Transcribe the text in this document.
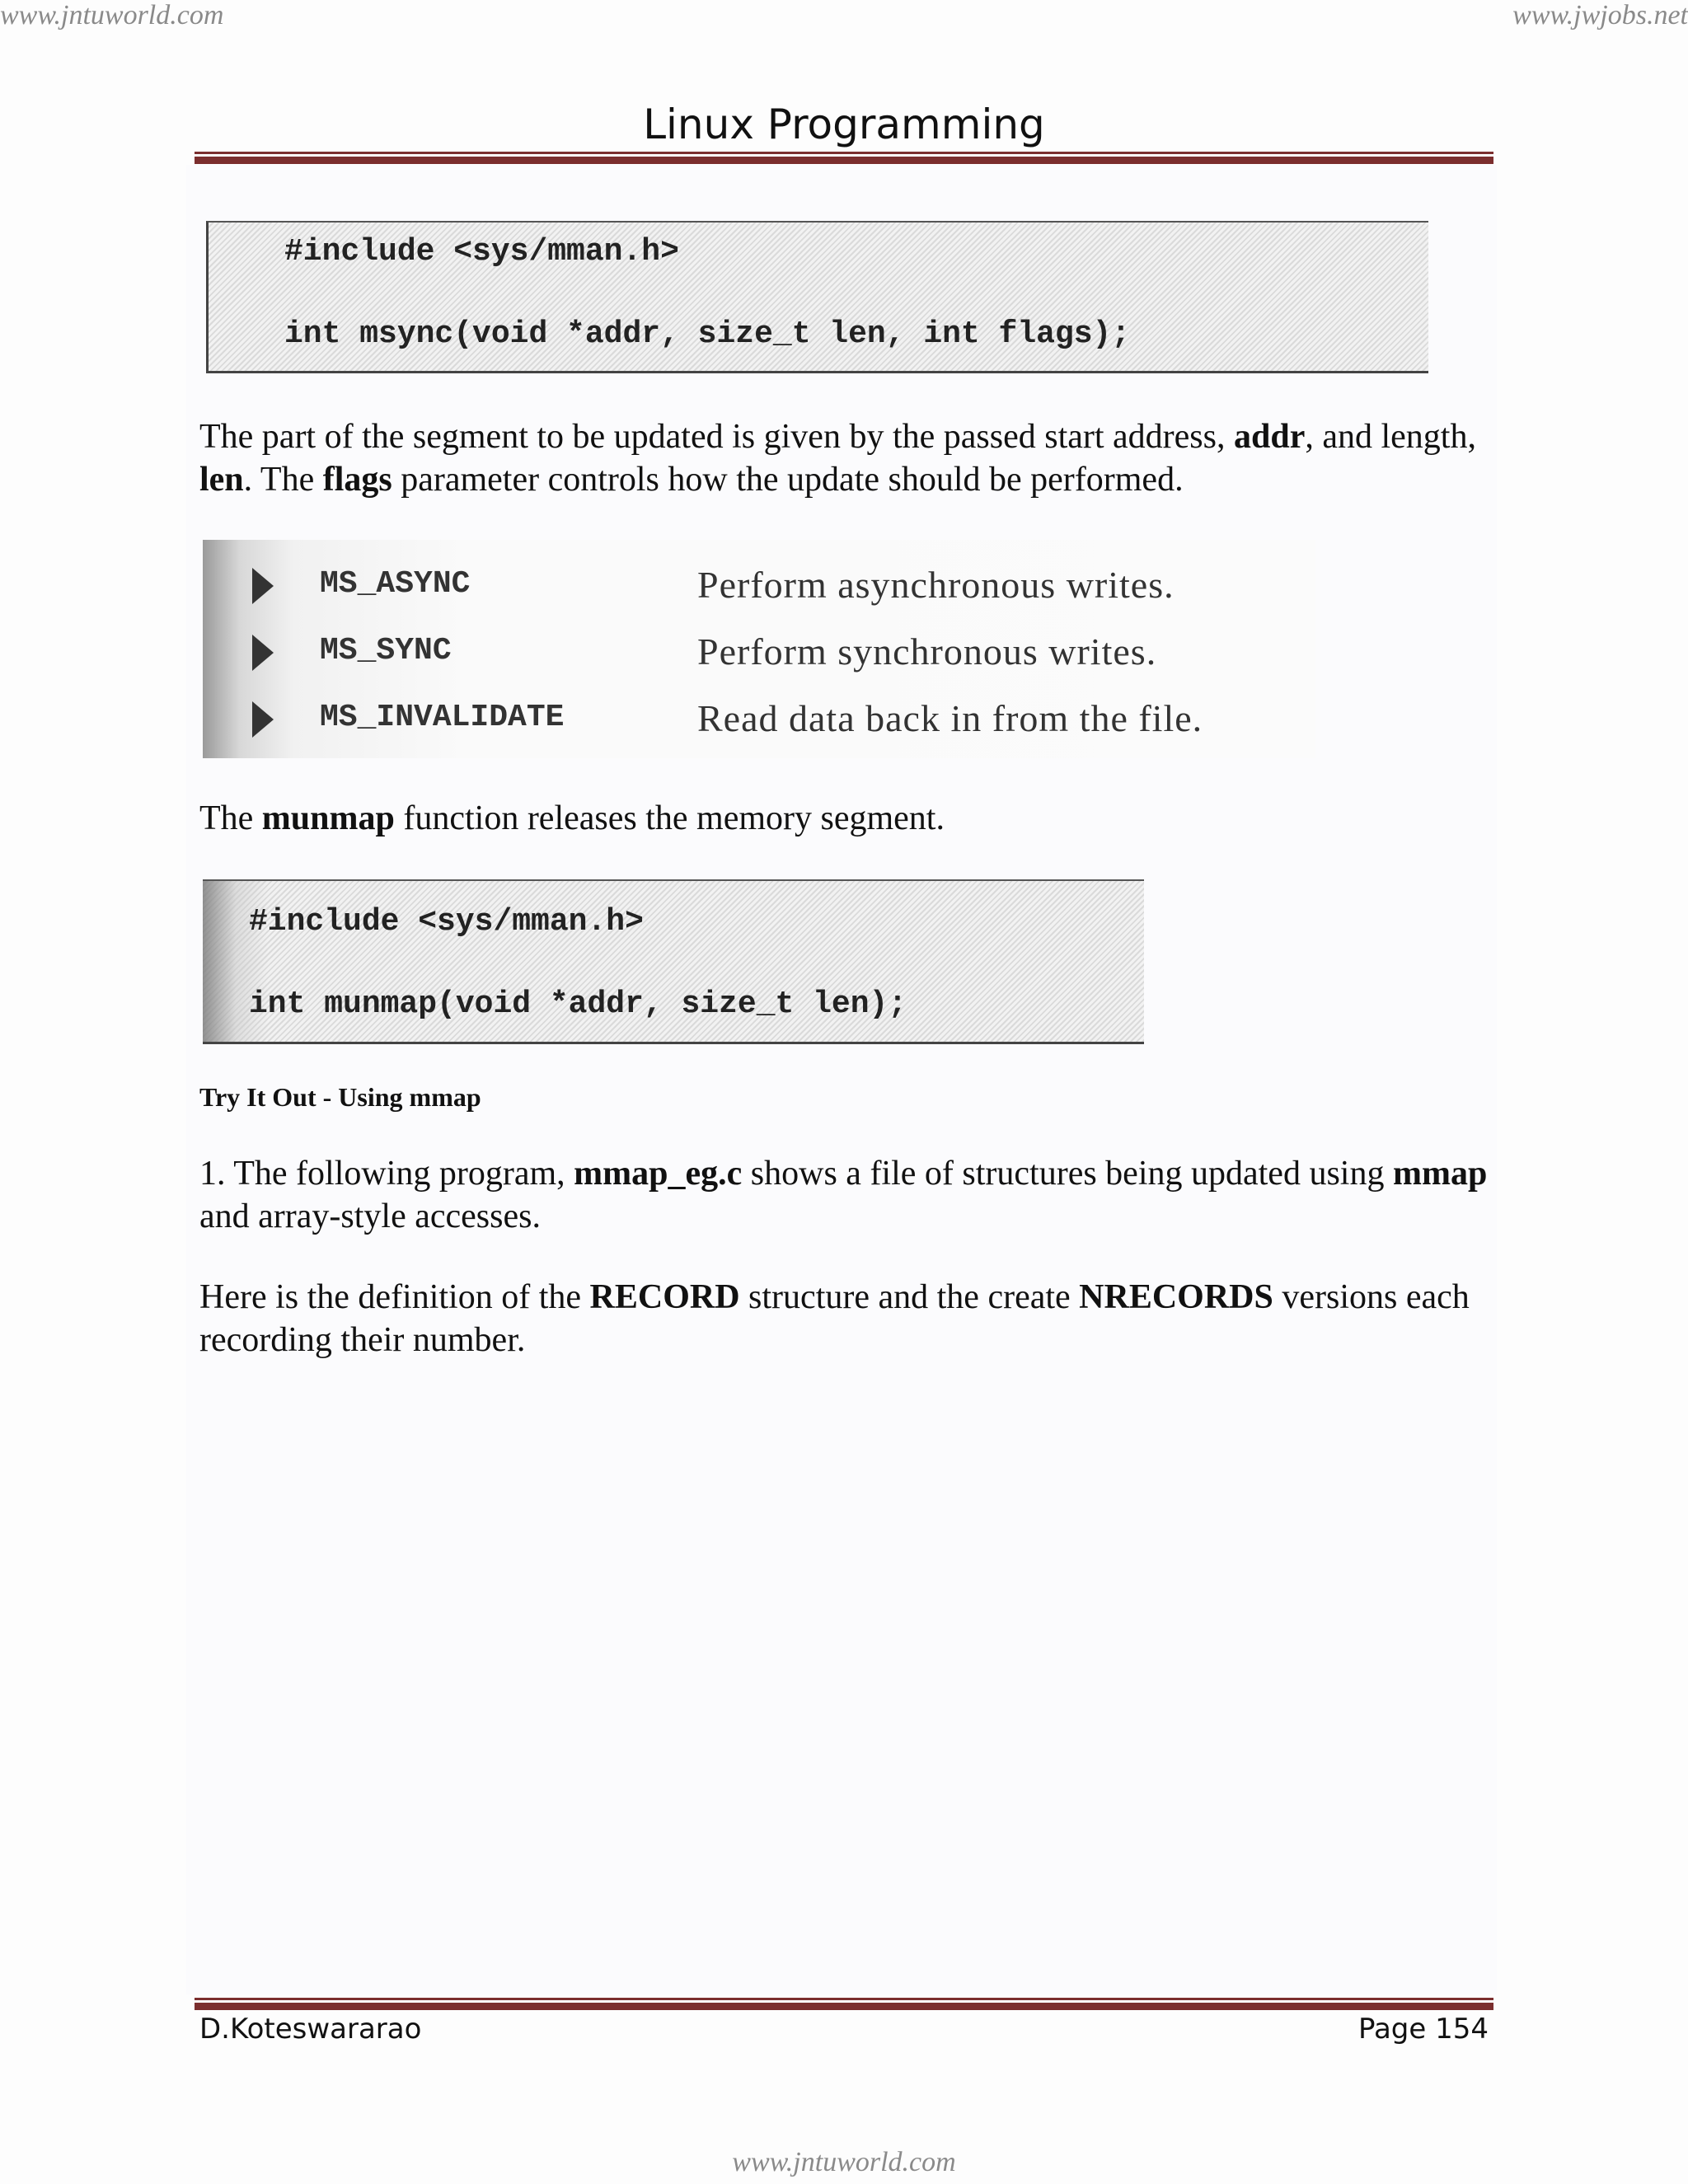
www.jntuworld.com	www.jwjobs.net
Linux Programming
#include <sys/mman.h>
int msync(void *addr, size_t len, int flags);
The part of the segment to be updated is given by the passed start address, addr, and length, len. The flags parameter controls how the update should be performed.
MS_ASYNC	Perform asynchronous writes.
MS_SYNC	Perform synchronous writes.
MS_INVALIDATE	Read data back in from the file.
The munmap function releases the memory segment.
#include <sys/mman.h>
int munmap(void *addr, size_t len);
Try It Out - Using mmap
1. The following program, mmap_eg.c shows a file of structures being updated using mmap and array-style accesses.
Here is the definition of the RECORD structure and the create NRECORDS versions each recording their number.
D.Koteswararao	Page 154
www.jntuworld.com
